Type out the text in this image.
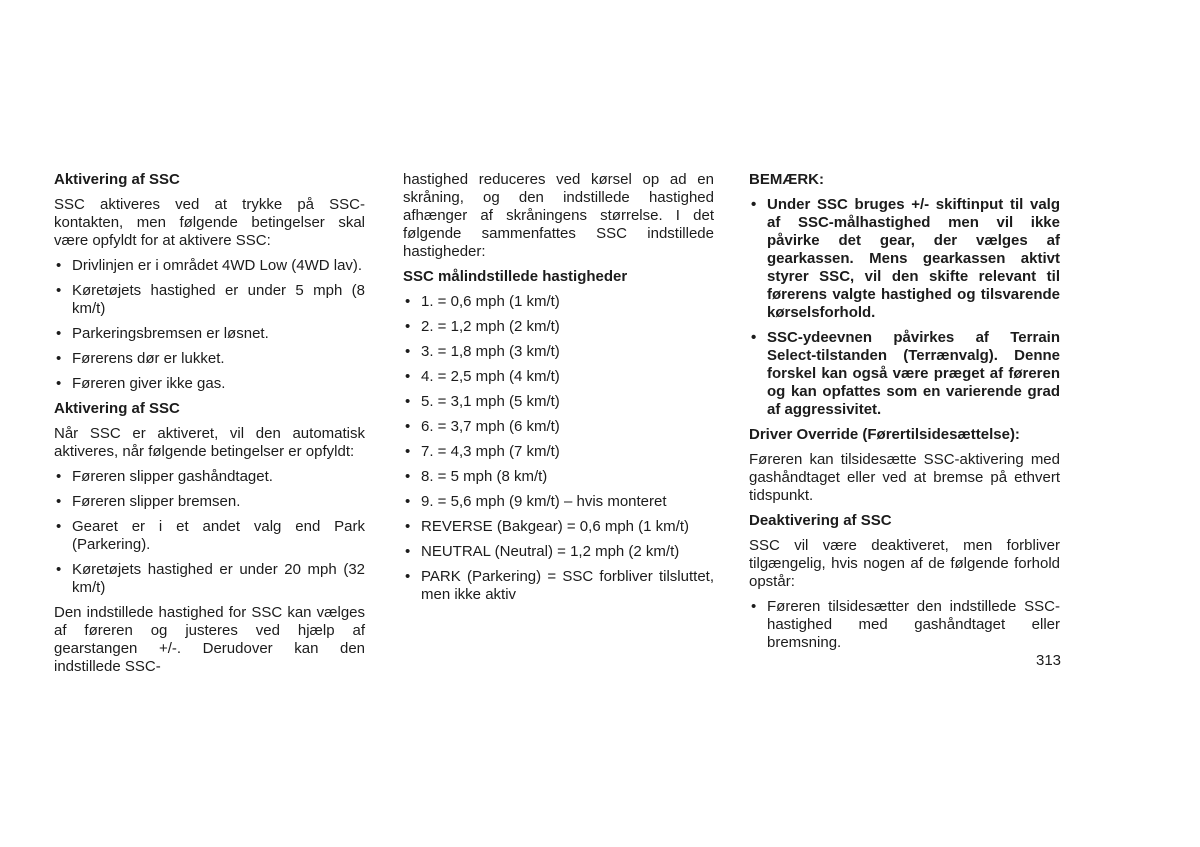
Aktivering af SSC

SSC aktiveres ved at trykke på SSC-kontakten, men følgende betingelser skal være opfyldt for at aktivere SSC:

• Drivlinjen er i området 4WD Low (4WD lav).
• Køretøjets hastighed er under 5 mph (8 km/t)
• Parkeringsbremsen er løsnet.
• Førerens dør er lukket.
• Føreren giver ikke gas.

Aktivering af SSC

Når SSC er aktiveret, vil den automatisk aktiveres, når følgende betingelser er opfyldt:

• Føreren slipper gashåndtaget.
• Føreren slipper bremsen.
• Gearet er i et andet valg end Park (Parkering).
• Køretøjets hastighed er under 20 mph (32 km/t)

Den indstillede hastighed for SSC kan vælges af føreren og justeres ved hjælp af gearstangen +/-. Derudover kan den indstillede SSC-

hastighed reduceres ved kørsel op ad en skråning, og den indstillede hastighed afhænger af skråningens størrelse. I det følgende sammenfattes SSC indstillede hastigheder:

SSC målindstillede hastigheder

• 1. = 0,6 mph (1 km/t)
• 2. = 1,2 mph (2 km/t)
• 3. = 1,8 mph (3 km/t)
• 4. = 2,5 mph (4 km/t)
• 5. = 3,1 mph (5 km/t)
• 6. = 3,7 mph (6 km/t)
• 7. = 4,3 mph (7 km/t)
• 8. = 5 mph (8 km/t)
• 9. = 5,6 mph (9 km/t) – hvis monteret
• REVERSE (Bakgear) = 0,6 mph (1 km/t)
• NEUTRAL (Neutral) = 1,2 mph (2 km/t)
• PARK (Parkering) = SSC forbliver tilsluttet, men ikke aktiv

BEMÆRK:

• Under SSC bruges +/- skiftinput til valg af SSC-målhastighed men vil ikke påvirke det gear, der vælges af gearkassen. Mens gearkassen aktivt styrer SSC, vil den skifte relevant til førerens valgte hastighed og tilsvarende kørselsforhold.
• SSC-ydeevnen påvirkes af Terrain Select-tilstanden (Terrænvalg). Denne forskel kan også være præget af føreren og kan opfattes som en varierende grad af aggressivitet.

Driver Override (Førertilsidesættelse):

Føreren kan tilsidesætte SSC-aktivering med gashåndtaget eller ved at bremse på ethvert tidspunkt.

Deaktivering af SSC

SSC vil være deaktiveret, men forbliver tilgængelig, hvis nogen af de følgende forhold opstår:

• Føreren tilsidesætter den indstillede SSC-hastighed med gashåndtaget eller bremsning.
313
